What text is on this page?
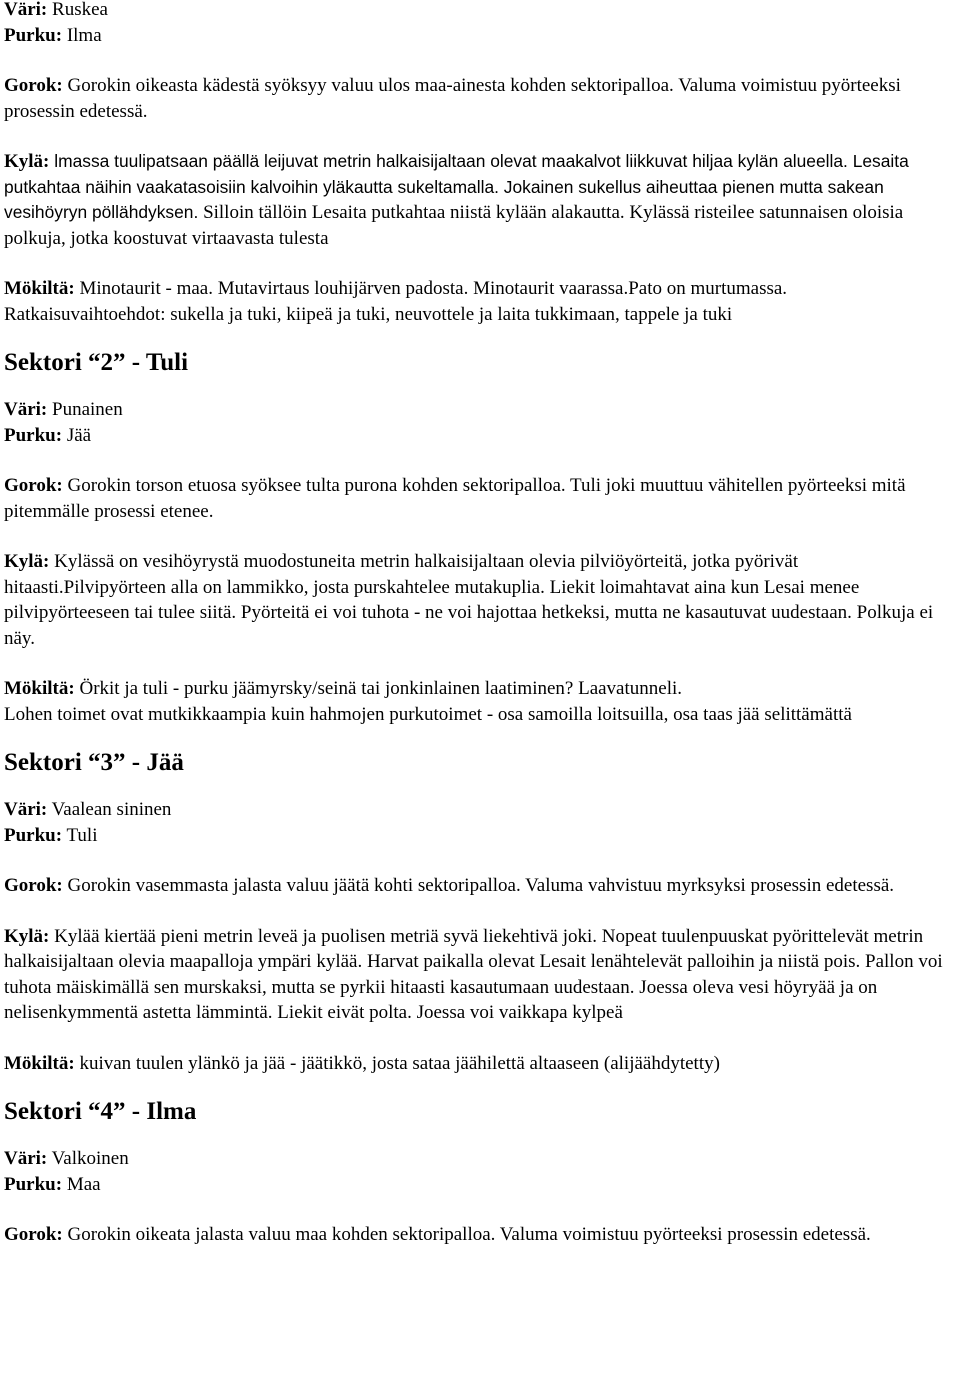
Väri: Ruskea
Purku: Ilma
Gorok: Gorokin oikeasta kädestä syöksyy valuu ulos maa-ainesta kohden sektoripalloa. Valuma voimistuu pyörteeksi prosessin edetessä.
Kylä: lmassa tuulipatsaan päällä leijuvat metrin halkaisijaltaan olevat maakalvot liikkuvat hiljaa kylän alueella. Lesaita putkahtaa näihin vaakatasoisiin kalvoihin yläkautta sukeltamalla. Jokainen sukellus aiheuttaa pienen mutta sakean vesihöyryn pöllähdyksen. Silloin tällöin Lesaita putkahtaa niistä kylään alakautta. Kylässä risteilee satunnaisen oloisia polkuja, jotka koostuvat virtaavasta tulesta
Mökiltä: Minotaurit - maa. Mutavirtaus louhijärven padosta. Minotaurit vaarassa.Pato on murtumassa.
Ratkaisuvaihtoehdot: sukella ja tuki, kiipeä ja tuki, neuvottele ja laita tukkimaan, tappele ja tuki
Sektori “2” - Tuli
Väri: Punainen
Purku: Jää
Gorok: Gorokin torson etuosa syöksee tulta purona kohden sektoripalloa. Tuli joki muuttuu vähitellen pyörteeksi mitä pitemmälle prosessi etenee.
Kylä: Kylässä on vesihöyrystä muodostuneita metrin halkaisijaltaan olevia pilviöyörteitä, jotka pyörivät hitaasti.Pilvipyörteen alla on lammikko, josta purskahtelee mutakuplia. Liekit loimahtavat aina kun Lesai menee pilvipyörteeseen tai tulee siitä. Pyörteitä ei voi tuhota - ne voi hajottaa hetkeksi, mutta ne kasautuvat uudestaan. Polkuja ei näy.
Mökiltä: Örkit ja tuli - purku jäämyrsky/seinä tai jonkinlainen laatiminen? Laavatunneli.
Lohen toimet ovat mutkikkaampia kuin hahmojen purkutoimet - osa samoilla loitsuilla, osa taas jää selittämättä
Sektori “3” - Jää
Väri: Vaalean sininen
Purku: Tuli
Gorok: Gorokin vasemmasta jalasta valuu jäätä kohti sektoripalloa. Valuma vahvistuu myrksyksi prosessin edetessä.
Kylä: Kylää kiertää pieni metrin leveä ja puolisen metriä syvä liekehtivä joki. Nopeat tuulenpuuskat pyörittelevät metrin halkaisijaltaan olevia maapalloja ympäri kylää. Harvat paikalla olevat Lesait lenähtelevät palloihin ja niistä pois. Pallon voi tuhota mäiskimällä sen murskaksi, mutta se pyrkii hitaasti kasautumaan uudestaan. Joessa oleva vesi höyryää ja on nelisenkymmentä astetta lämmintä. Liekit eivät polta. Joessa voi vaikkapa kylpeä
Mökiltä: kuivan tuulen ylänkö ja jää - jäätikkö, josta sataa jäähilettä altaaseen (alijäähdytetty)
Sektori “4” - Ilma
Väri: Valkoinen
Purku: Maa
Gorok: Gorokin oikeata jalasta valuu maa kohden sektoripalloa. Valuma voimistuu pyörteeksi prosessin edetessä.
